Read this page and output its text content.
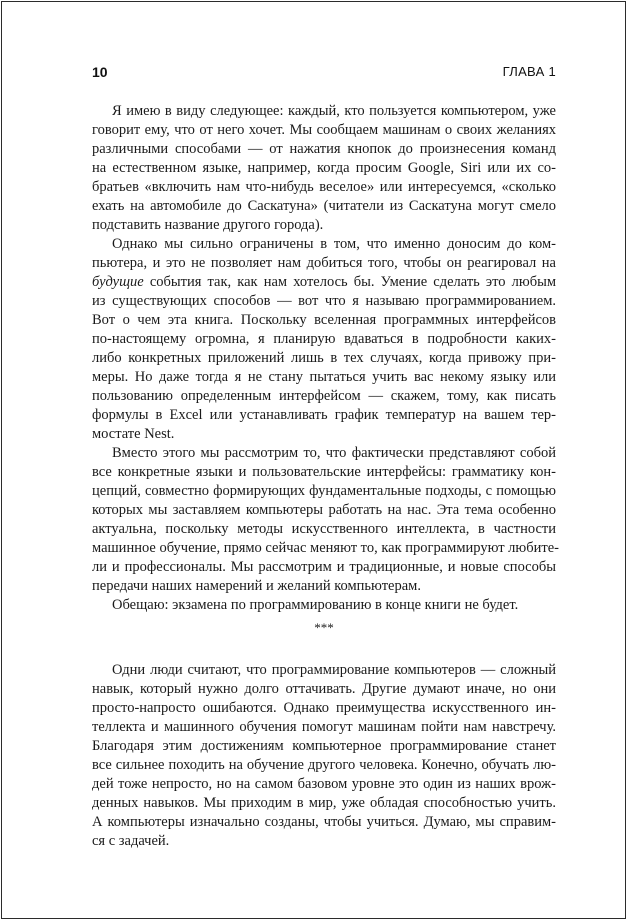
10	ГЛАВА 1
Я имею в виду следующее: каждый, кто пользуется компьютером, уже
говорит ему, что от него хочет. Мы сообщаем машинам о своих желаниях
различными способами — от нажатия кнопок до произнесения команд
на естественном языке, например, когда просим Google, Siri или их со-
братьев «включить нам что-нибудь веселое» или интересуемся, «сколько
ехать на автомобиле до Саскатуна» (читатели из Саскатуна могут смело
подставить название другого города).
Однако мы сильно ограничены в том, что именно доносим до ком-
пьютера, и это не позволяет нам добиться того, чтобы он реагировал на
будущие события так, как нам хотелось бы. Умение сделать это любым
из существующих способов — вот что я называю программированием.
Вот о чем эта книга. Поскольку вселенная программных интерфейсов
по-настоящему огромна, я планирую вдаваться в подробности каких-
либо конкретных приложений лишь в тех случаях, когда привожу при-
меры. Но даже тогда я не стану пытаться учить вас некому языку или
пользованию определенным интерфейсом — скажем, тому, как писать
формулы в Excel или устанавливать график температур на вашем тер-
мостате Nest.
Вместо этого мы рассмотрим то, что фактически представляют собой
все конкретные языки и пользовательские интерфейсы: грамматику кон-
цепций, совместно формирующих фундаментальные подходы, с помощью
которых мы заставляем компьютеры работать на нас. Эта тема особенно
актуальна, поскольку методы искусственного интеллекта, в частности
машинное обучение, прямо сейчас меняют то, как программируют любите-
ли и профессионалы. Мы рассмотрим и традиционные, и новые способы
передачи наших намерений и желаний компьютерам.
Обещаю: экзамена по программированию в конце книги не будет.
***
Одни люди считают, что программирование компьютеров — сложный
навык, который нужно долго оттачивать. Другие думают иначе, но они
просто-напросто ошибаются. Однако преимущества искусственного ин-
теллекта и машинного обучения помогут машинам пойти нам навстречу.
Благодаря этим достижениям компьютерное программирование станет
все сильнее походить на обучение другого человека. Конечно, обучать лю-
дей тоже непросто, но на самом базовом уровне это один из наших врож-
денных навыков. Мы приходим в мир, уже обладая способностью учить.
А компьютеры изначально созданы, чтобы учиться. Думаю, мы справим-
ся с задачей.
